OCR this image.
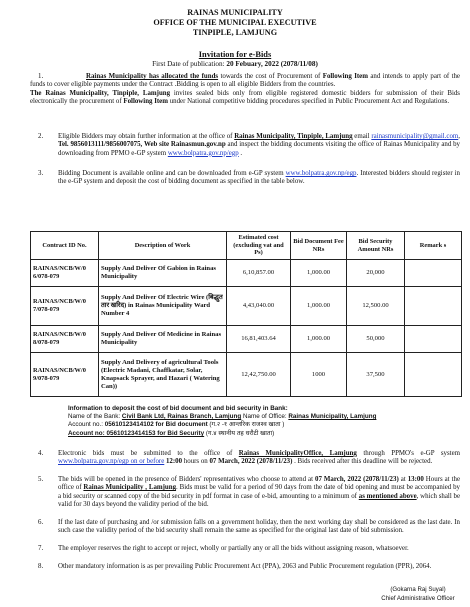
RAINAS MUNICIPALITY
OFFICE OF THE MUNICIPAL EXECUTIVE
TINPIPLE, LAMJUNG
Invitation for e-Bids
First Date of publication: 20 Febuary, 2022 (2078/11/08)
1.	Rainas Municipality has allocated the funds towards the cost of Procurement of Following Item and intends to apply part of the funds to cover eligible payments under the Contract .Bidding is open to all eligible Bidders from the countries.
The Rainas Municipality, Tinpiple, Lamjung invites sealed bids only from eligible registered domestic bidders for submission of their Bids electronically the procurement of Following Item under National competitive bidding procedures specified in Public Procurement Act and Regulations.
2. Eligible Bidders may obtain further information at the office of Rainas Municipality, Tinpiple, Lamjung email rainasmunicipality@gmail.com, Tel. 9856013111/9856007075, Web site Rainasmun.gov.np and inspect the bidding documents visiting the office of Rainas Municipality and by downloading from PPMO e-GP system www.bolpatra.gov.np/egp .
3. Bidding Document is available online and can be downloaded from e-GP system www.bolpatra.gov.np/egp. Interested bidders should register in the e-GP system and deposit the cost of bidding document as specified in the table below.
Contract ID No.	Description of Work	Estimated cost (excluding vat and Ps)	Bid Document Fee NRs	Bid Security Amount NRs	Remark s
RAINAS/NCB/W/0 6/078-079	Supply And Deliver Of Gabion in Rainas Municipality	6,10,857.00	1,000.00	20,000	
RAINAS/NCB/W/0 7/078-079	Supply And Deliver Of Electric Wire (बिद्धुत तार खरिद) in Rainas Municipality Ward Number 4	4,43,040.00	1,000.00	12,500.00	
RAINAS/NCB/W/0 8/078-079	Supply And Deliver Of Medicine in Rainas Municipality	16,81,403.64	1,000.00	50,000	
RAINAS/NCB/W/0 9/078-079	Supply And Delivery of agricultural Tools (Electric Madani, Chaffkatar, Solar, Knapsack Sprayer, and Hazari ( Watering Can))	12,42,750.00	1000	37,500	
Information to deposit the cost of bid document and bid security in Bank:
Name of the Bank: Civil Bank Ltd, Rainas Branch, Lamjung Name of Office: Rainas Municipality, Lamjung
Account no.: 05610123414102 for Bid document (ग.२ -१ आन्तरिक राजश्व खाता )
Account no: 05610123414153 for Bid Security (ग.४ स्थानीय तह धरौटी खाता)
4. Electronic bids must be submitted to the office of Rainas MunicipalityOffice, Lamjung through PPMO's e-GP system www.bolpatra.gov.np/egp on or before 12:00 hours on 07 March, 2022 (2078/11/23) . Bids received after this deadline will be rejected.
5. The bids will be opened in the presence of Bidders' representatives who choose to attend at 07 March, 2022 (2078/11/23) at 13:00 Hours at the office of Rainas Municipality , Lamjung. Bids must be valid for a period of 90 days from the date of bid opening and must be accompanied by a bid security or scanned copy of the bid security in pdf format in case of e-bid, amounting to a minimum of as mentioned above, which shall be valid for 30 days beyond the validity period of the bid.
6. If the last date of purchasing and /or submission falls on a government holiday, then the next working day shall be considered as the last date. In such case the validity period of the bid security shall remain the same as specified for the original last date of bid submission.
7. The employer reserves the right to accept or reject, wholly or partially any or all the bids without assigning reason, whatsoever.
8. Other mandatory information is as per prevailing Public Procurement Act (PPA), 2063 and Public Procurement regulation (PPR), 2064.
(Gokarna Raj Suyal)
Chief Administrative Officer
